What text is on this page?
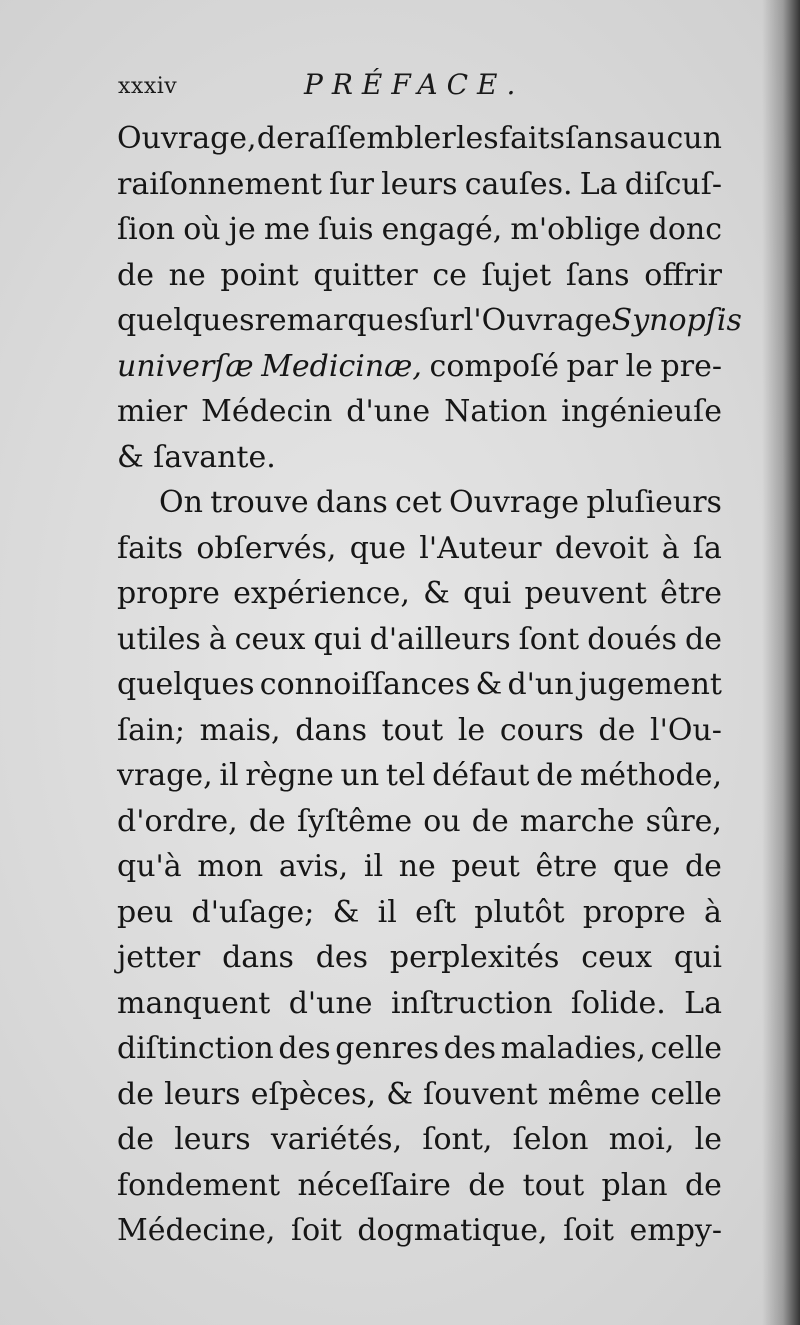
xxxiv	PRÉFACE.
Ouvrage, de raſſembler les faits ſans aucun
raiſonnement ſur leurs cauſes. La diſcuſ-
ſion où je me ſuis engagé, m'oblige donc
de ne point quitter ce ſujet ſans offrir
quelques remarques ſur l'Ouvrage Synopſis
univerſæ Medicinæ, compoſé par le pre-
mier Médecin d'une Nation ingénieuſe
&
ſavante.
On trouve dans cet Ouvrage pluſieurs
faits obſervés, que l'Auteur devoit à ſa
propre expérience, & qui peuvent être
utiles à ceux qui d'ailleurs ſont doués de
quelques connoiſſances & d'un jugement
ſain; mais, dans tout le cours de l'Ou-
vrage, il règne un tel défaut de méthode,
d'ordre, de ſyſtême ou de marche sûre,
qu'à mon avis, il ne peut être que de
peu d'uſage; & il eſt plutôt propre à
jetter dans des perplexités ceux qui
manquent d'une inſtruction ſolide. La
diſtinction des genres des maladies, celle
de leurs eſpèces, & ſouvent même celle
de leurs variétés, ſont, ſelon moi, le
fondement néceſſaire de tout plan de
Médecine, ſoit dogmatique, ſoit empy-
